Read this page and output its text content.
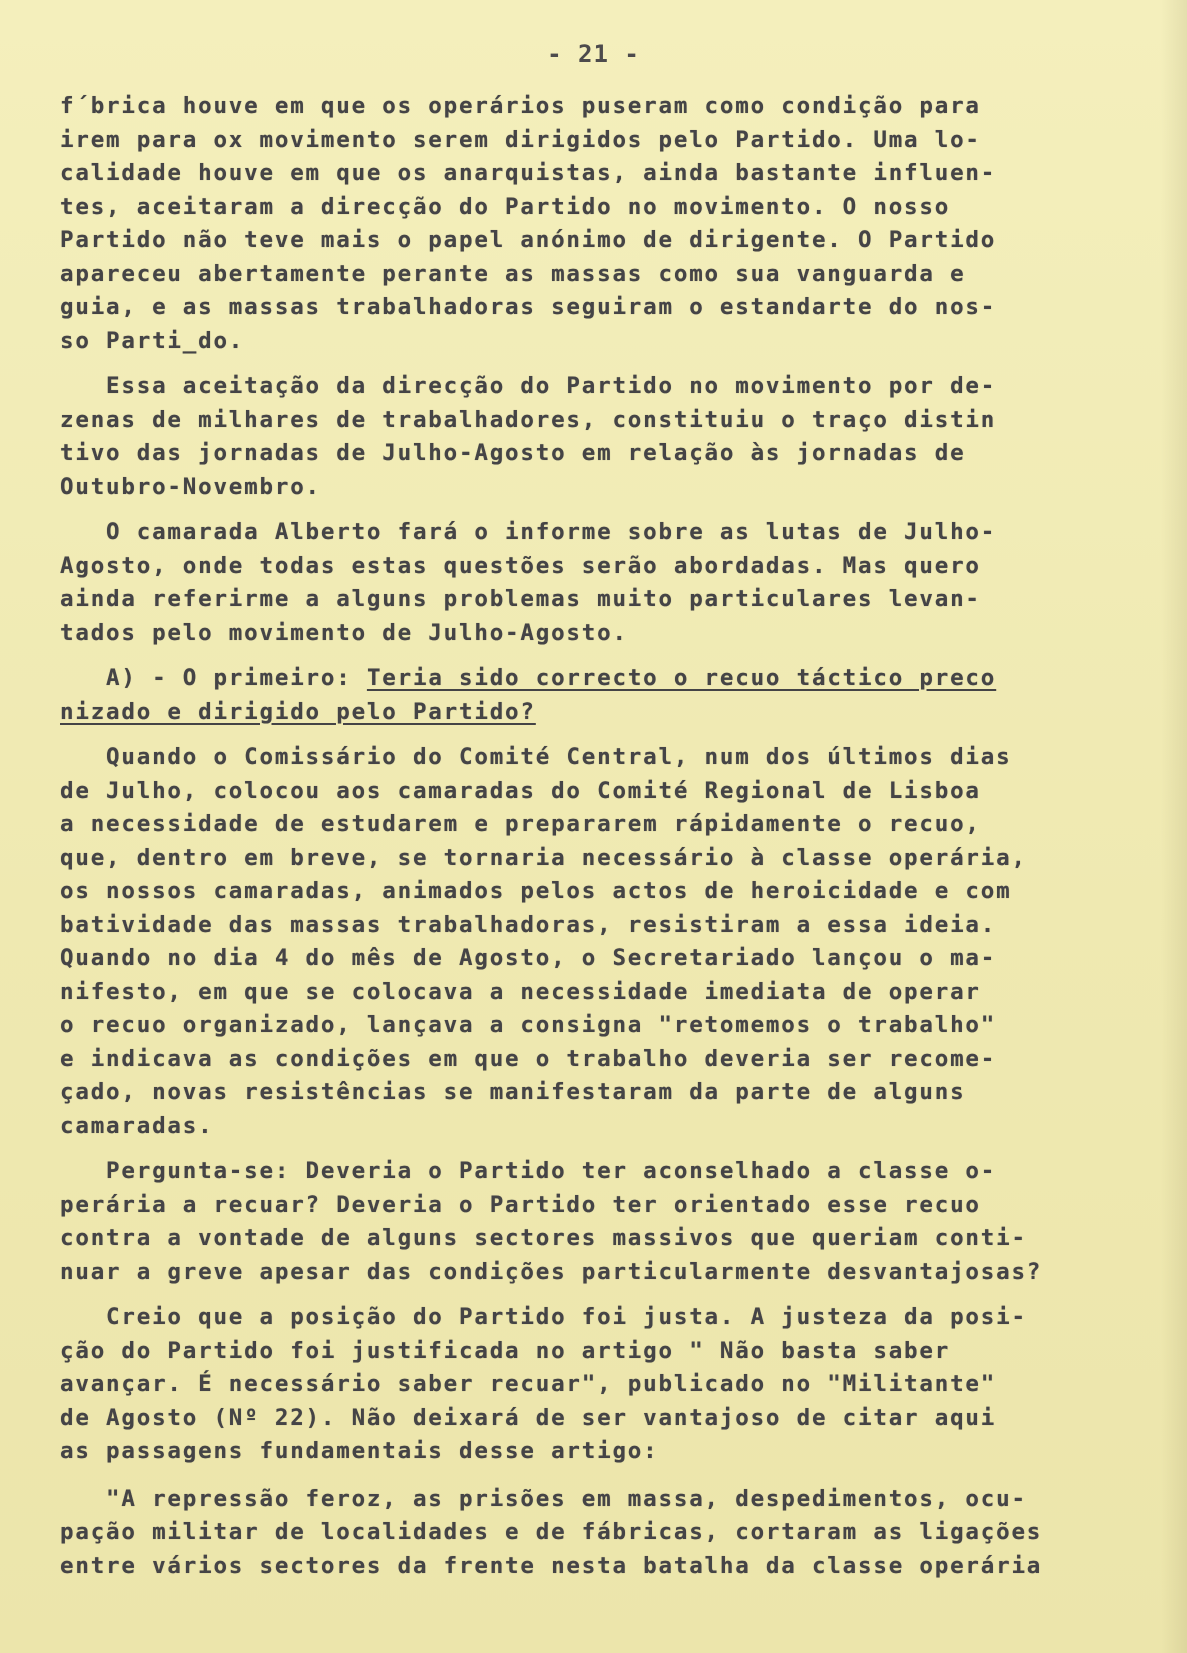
- 21 -
f´brica houve em que os operários puseram como condição para
irem para ox movimento serem dirigidos pelo Partido. Uma lo-
calidade houve em que os anarquistas, ainda bastante influen-
tes, aceitaram a direcção do Partido no movimento. O nosso
Partido não teve mais o papel anónimo de dirigente. O Partido
apareceu abertamente perante as massas como sua vanguarda e
guia, e as massas trabalhadoras seguiram o estandarte do nos-
so Parti_do.
Essa aceitação da direcção do Partido no movimento por de-
zenas de milhares de trabalhadores, constituiu o traço distin
tivo das jornadas de Julho-Agosto em relação às jornadas de
Outubro-Novembro.
O camarada Alberto fará o informe sobre as lutas de Julho-
Agosto, onde todas estas questões serão abordadas. Mas quero
ainda referirme a alguns problemas muito particulares levan-
tados pelo movimento de Julho-Agosto.
A) - O primeiro: Teria sido correcto o recuo táctico preco
nizado e dirigido pelo Partido?
Quando o Comissário do Comité Central, num dos últimos dias
de Julho, colocou aos camaradas do Comité Regional de Lisboa
a necessidade de estudarem e prepararem rápidamente o recuo,
que, dentro em breve, se tornaria necessário à classe operária,
os nossos camaradas, animados pelos actos de heroicidade e com
batividade das massas trabalhadoras, resistiram a essa ideia.
Quando no dia 4 do mês de Agosto, o Secretariado lançou o ma-
nifesto, em que se colocava a necessidade imediata de operar
o recuo organizado, lançava a consigna "retomemos o trabalho"
e indicava as condições em que o trabalho deveria ser recome-
çado, novas resistências se manifestaram da parte de alguns
camaradas.
Pergunta-se: Deveria o Partido ter aconselhado a classe o-
perária a recuar? Deveria o Partido ter orientado esse recuo
contra a vontade de alguns sectores massivos que queriam conti-
nuar a greve apesar das condições particularmente desvantajosas?
Creio que a posição do Partido foi justa. A justeza da posi-
ção do Partido foi justificada no artigo " Não basta saber
avançar. É necessário saber recuar", publicado no "Militante"
de Agosto (Nº 22). Não deixará de ser vantajoso de citar aqui
as passagens fundamentais desse artigo:
"A repressão feroz, as prisões em massa, despedimentos, ocu-
pação militar de localidades e de fábricas, cortaram as ligações
entre vários sectores da frente nesta batalha da classe operária
